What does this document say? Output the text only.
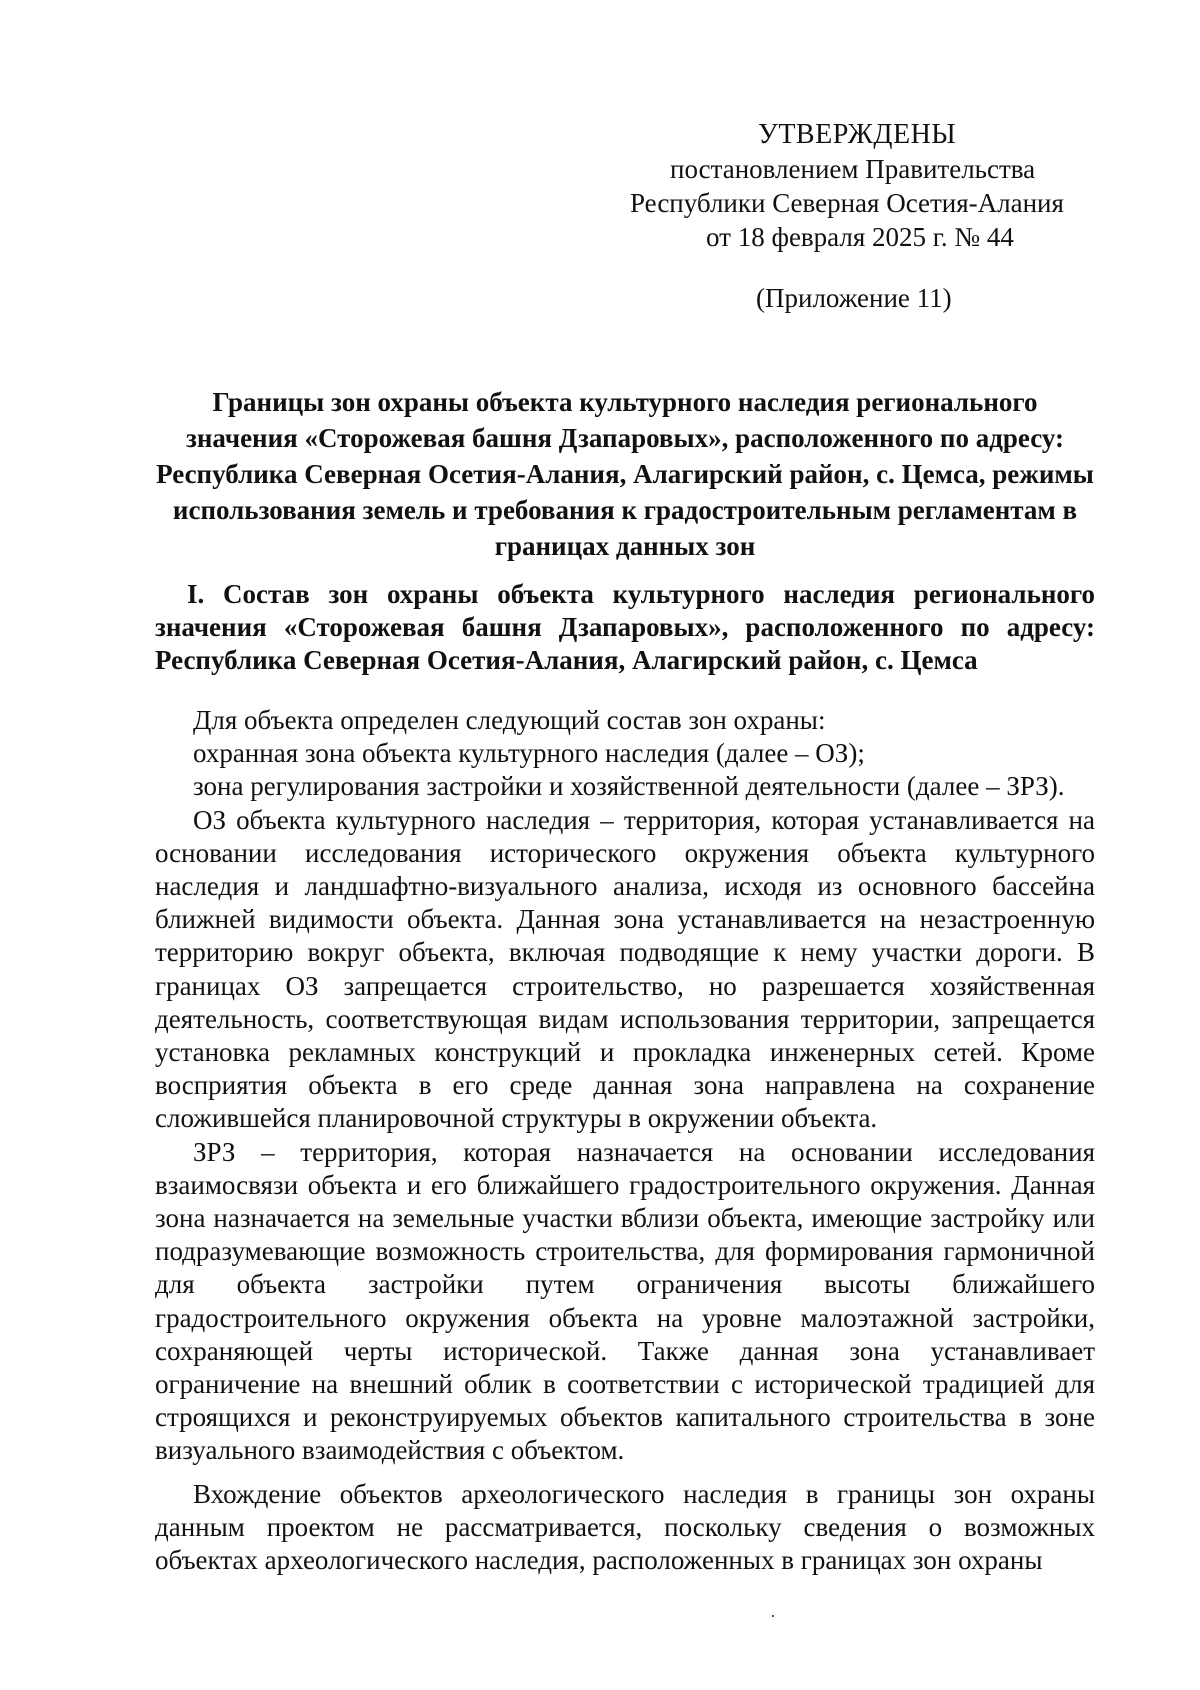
УТВЕРЖДЕНЫ
постановлением Правительства
Республики Северная Осетия-Алания
от 18 февраля 2025 г. № 44
(Приложение 11)
Границы зон охраны объекта культурного наследия регионального значения «Сторожевая башня Дзапаровых», расположенного по адресу: Республика Северная Осетия-Алания, Алагирский район, с. Цемса, режимы использования земель и требования к градостроительным регламентам в границах данных зон
I. Состав зон охраны объекта культурного наследия регионального значения «Сторожевая башня Дзапаровых», расположенного по адресу: Республика Северная Осетия-Алания, Алагирский район, с. Цемса

Для объекта определен следующий состав зон охраны:

охранная зона объекта культурного наследия (далее – ОЗ);

зона регулирования застройки и хозяйственной деятельности (далее – ЗРЗ).

ОЗ объекта культурного наследия – территория, которая устанавливается на основании исследования исторического окружения объекта культурного наследия и ландшафтно-визуального анализа, исходя из основного бассейна ближней видимости объекта. Данная зона устанавливается на незастроенную территорию вокруг объекта, включая подводящие к нему участки дороги. В границах ОЗ запрещается строительство, но разрешается хозяйственная деятельность, соответствующая видам использования территории, запрещается установка рекламных конструкций и прокладка инженерных сетей. Кроме восприятия объекта в его среде данная зона направлена на сохранение сложившейся планировочной структуры в окружении объекта.

ЗРЗ – территория, которая назначается на основании исследования взаимосвязи объекта и его ближайшего градостроительного окружения. Данная зона назначается на земельные участки вблизи объекта, имеющие застройку или подразумевающие возможность строительства, для формирования гармоничной для объекта застройки путем ограничения высоты ближайшего градостроительного окружения объекта на уровне малоэтажной застройки, сохраняющей черты исторической. Также данная зона устанавливает ограничение на внешний облик в соответствии с исторической традицией для строящихся и реконструируемых объектов капитального строительства в зоне визуального взаимодействия с объектом.

Вхождение объектов археологического наследия в границы зон охраны данным проектом не рассматривается, поскольку сведения о возможных объектах археологического наследия, расположенных в границах зон охраны
